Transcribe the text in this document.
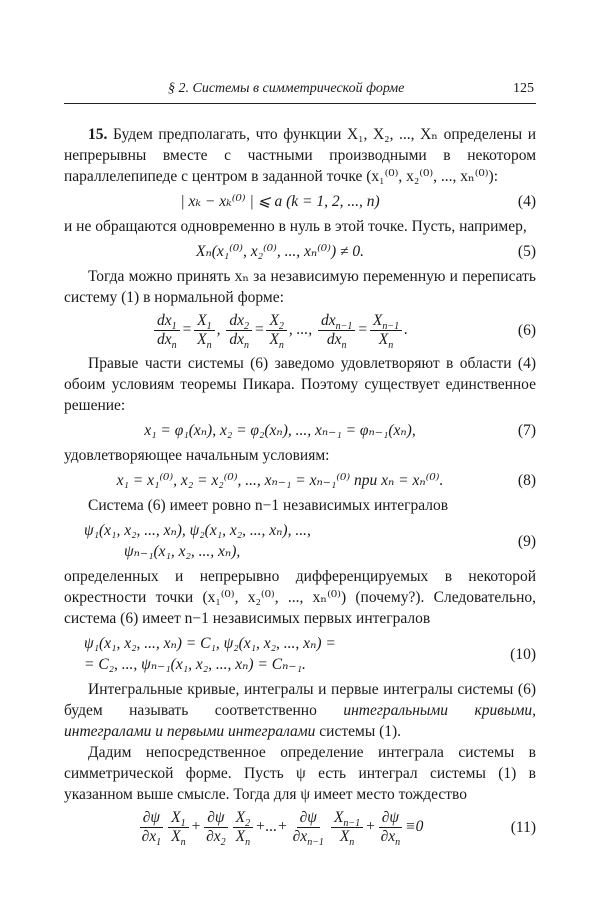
§ 2. Системы в симметрической форме	125

15. Будем предполагать, что функции X₁, X₂, ..., Xₙ определены и непрерывны вместе с частными производными в некотором параллелепипеде с центром в заданной точке (x₁⁽⁰⁾, x₂⁽⁰⁾, ..., xₙ⁽⁰⁾):

| xₖ − xₖ⁽⁰⁾ | ⩽ a (k = 1, 2, ..., n)	(4)

и не обращаются одновременно в нуль в этой точке. Пусть, например,

Xₙ(x₁⁽⁰⁾, x₂⁽⁰⁾, ..., xₙ⁽⁰⁾) ≠ 0.	(5)

Тогда можно принять xₙ за независимую переменную и переписать систему (1) в нормальной форме:

$\frac{dx_1}{dx_n} = \frac{X_1}{X_n}$ , $\frac{dx_2}{dx_n} = \frac{X_2}{X_n}$ , ..., $\frac{dx_{n-1}}{dx_n} = \frac{X_{n-1}}{X_n}$ .	(6)

Правые части системы (6) заведомо удовлетворяют в области (4) обоим условиям теоремы Пикара. Поэтому существует единственное решение:

x₁ = φ₁(xₙ), x₂ = φ₂(xₙ), ..., xₙ₋₁ = φₙ₋₁(xₙ),	(7)

удовлетворяющее начальным условиям:

x₁ = x₁⁽⁰⁾, x₂ = x₂⁽⁰⁾, ..., xₙ₋₁ = xₙ₋₁⁽⁰⁾ при xₙ = xₙ⁽⁰⁾.	(8)

Система (6) имеет ровно n−1 независимых интегралов

ψ₁(x₁, x₂, ..., xₙ), ψ₂(x₁, x₂, ..., xₙ), ...,
ψₙ₋₁(x₁, x₂, ..., xₙ),
(9)

определенных и непрерывно дифференцируемых в некоторой окрестности точки (x₁⁽⁰⁾, x₂⁽⁰⁾, ..., xₙ⁽⁰⁾) (почему?). Следовательно, система (6) имеет n−1 независимых первых интегралов

ψ₁(x₁, x₂, ..., xₙ) = C₁, ψ₂(x₁, x₂, ..., xₙ) =
= C₂, ..., ψₙ₋₁(x₁, x₂, ..., xₙ) = Cₙ₋₁.
(10)

Интегральные кривые, интегралы и первые интегралы системы (6) будем называть соответственно интегральными кривыми, интегралами и первыми интегралами системы (1).

Дадим непосредственное определение интеграла системы в симметрической форме. Пусть ψ есть интеграл системы (1) в указанном выше смысле. Тогда для ψ имеет место тождество

$\frac{\partial\psi}{\partial x_1} \frac{X_1}{X_n} + \frac{\partial\psi}{\partial x_2} \frac{X_2}{X_n}$ +...+ $\frac{\partial\psi}{\partial x_{n-1}} \frac{X_{n-1}}{X_n} + \frac{\partial\psi}{\partial x_n} \equiv 0$	(11)
